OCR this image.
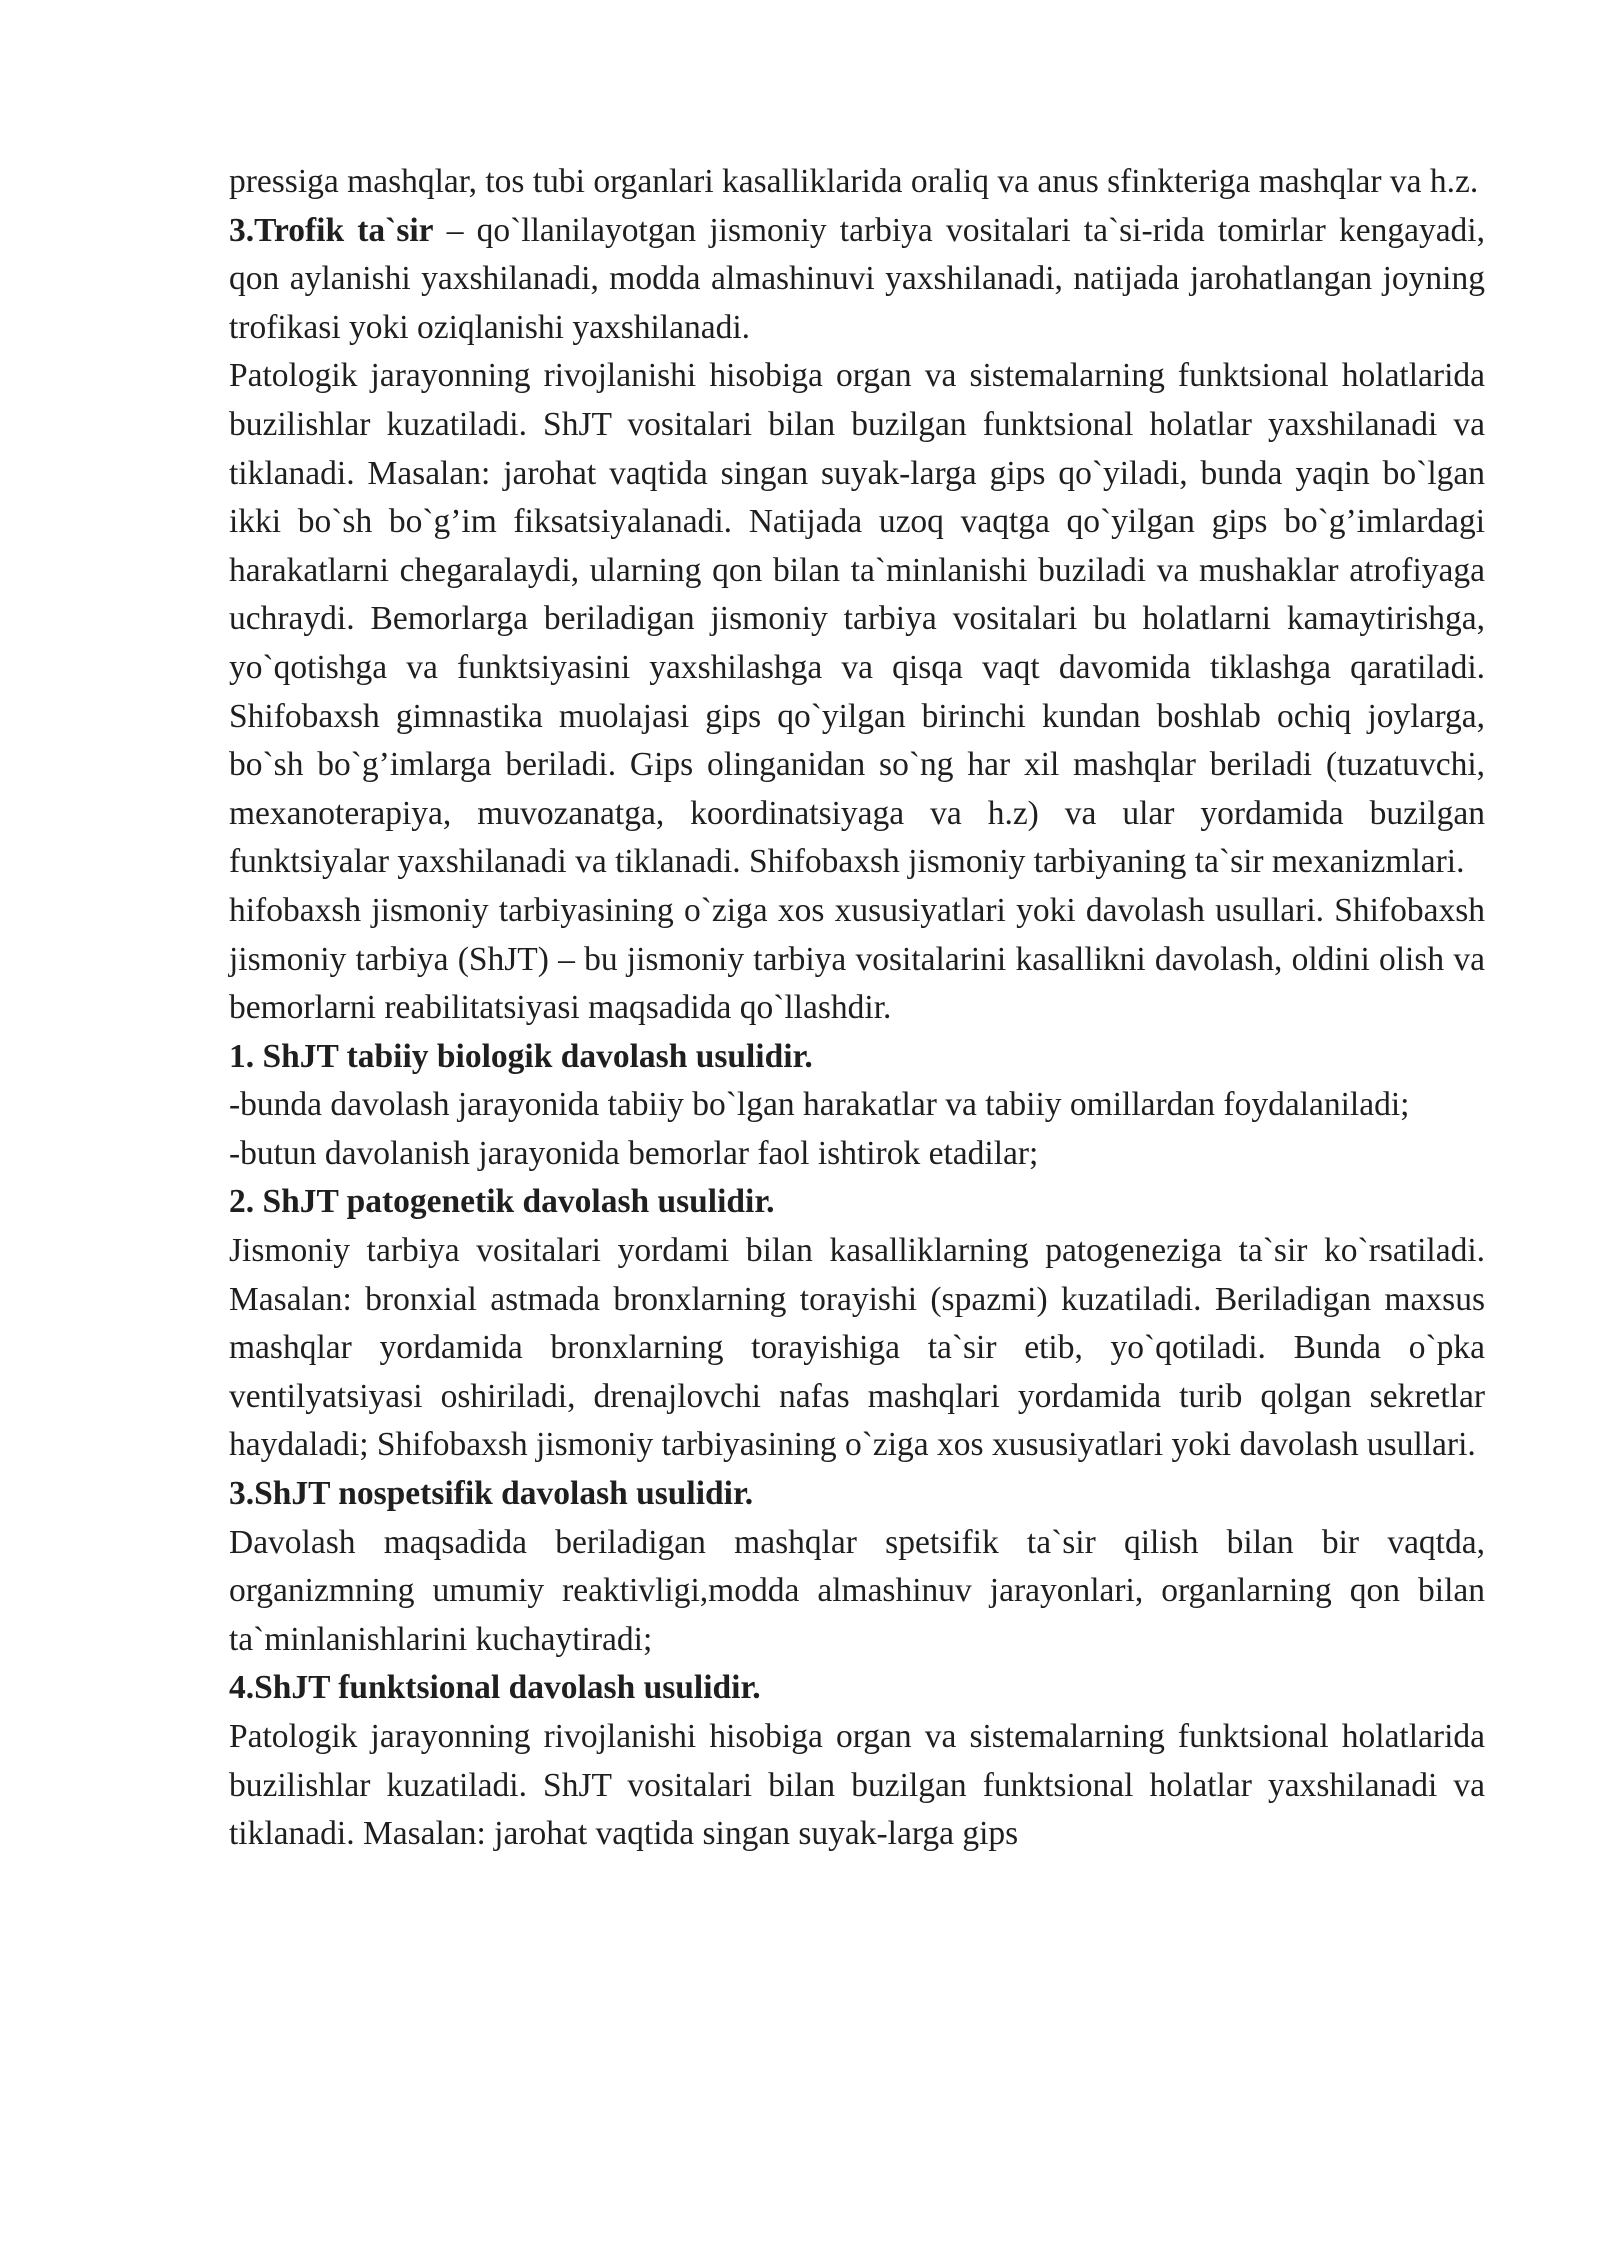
pressiga mashqlar, tos tubi organlari kasalliklarida oraliq va anus sfinkteriga mashqlar va h.z.

3.Trofik ta`sir – qo`llanilayotgan jismoniy tarbiya vositalari ta`si-rida tomirlar kengayadi, qon aylanishi yaxshilanadi, modda almashinuvi yaxshilanadi, natijada jarohatlangan joyning trofikasi yoki oziqlanishi yaxshilanadi.

Patologik jarayonning rivojlanishi hisobiga organ va sistemalarning funktsional holatlarida buzilishlar kuzatiladi. ShJT vositalari bilan buzilgan funktsional holatlar yaxshilanadi va tiklanadi. Masalan: jarohat vaqtida singan suyak-larga gips qo`yiladi, bunda yaqin bo`lgan ikki bo`sh bo`g’im fiksatsiyalanadi. Natijada uzoq vaqtga qo`yilgan gips bo`g’imlardagi harakatlarni chegaralaydi, ularning qon bilan ta`minlanishi buziladi va mushaklar atrofiyaga uchraydi. Bemorlarga beriladigan jismoniy tarbiya vositalari bu holatlarni kamaytirishga, yo`qotishga va funktsiyasini yaxshilashga va qisqa vaqt davomida tiklashga qaratiladi. Shifobaxsh gimnastika muolajasi gips qo`yilgan birinchi kundan boshlab ochiq joylarga, bo`sh bo`g’imlarga beriladi. Gips olinganidan so`ng har xil mashqlar beriladi (tuzatuvchi, mexanoterapiya, muvozanatga, koordinatsiyaga va h.z) va ular yordamida buzilgan funktsiyalar yaxshilanadi va tiklanadi. Shifobaxsh jismoniy tarbiyaning ta`sir mexanizmlari.

hifobaxsh jismoniy tarbiyasining o`ziga xos xususiyatlari yoki davolash usullari. Shifobaxsh jismoniy tarbiya (ShJT) – bu jismoniy tarbiya vositalarini kasallikni davolash, oldini olish va bemorlarni reabilitatsiyasi maqsadida qo`llashdir.

1. ShJT tabiiy biologik davolash usulidir.

-bunda davolash jarayonida tabiiy bo`lgan harakatlar va tabiiy omillardan foydalaniladi;

-butun davolanish jarayonida bemorlar faol ishtirok etadilar;

2. ShJT patogenetik davolash usulidir.

Jismoniy tarbiya vositalari yordami bilan kasalliklarning patogeneziga ta`sir ko`rsatiladi. Masalan: bronxial astmada bronxlarning torayishi (spazmi) kuzatiladi. Beriladigan maxsus mashqlar yordamida bronxlarning torayishiga ta`sir etib, yo`qotiladi. Bunda o`pka ventilyatsiyasi oshiriladi, drenajlovchi nafas mashqlari yordamida turib qolgan sekretlar haydaladi; Shifobaxsh jismoniy tarbiyasining o`ziga xos xususiyatlari yoki davolash usullari.

3.ShJT nospetsifik davolash usulidir.

Davolash maqsadida beriladigan mashqlar spetsifik ta`sir qilish bilan bir vaqtda, organizmning umumiy reaktivligi,modda almashinuv jarayonlari, organlarning qon bilan ta`minlanishlarini kuchaytiradi;

4.ShJT funktsional davolash usulidir.

Patologik jarayonning rivojlanishi hisobiga organ va sistemalarning funktsional holatlarida buzilishlar kuzatiladi. ShJT vositalari bilan buzilgan funktsional holatlar yaxshilanadi va tiklanadi. Masalan: jarohat vaqtida singan suyak-larga gips
